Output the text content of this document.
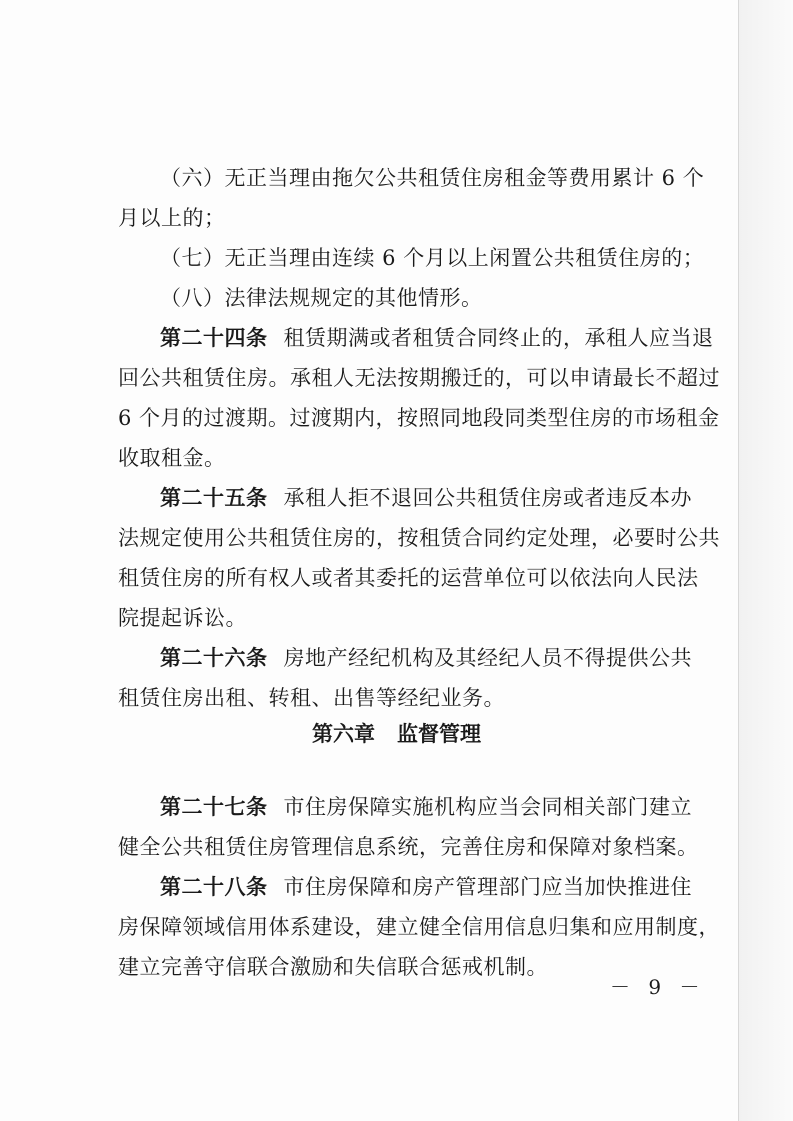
（六）无正当理由拖欠公共租赁住房租金等费用累计 6 个
月以上的；
（七）无正当理由连续 6 个月以上闲置公共租赁住房的；
（八）法律法规规定的其他情形。
第二十四条 租赁期满或者租赁合同终止的，承租人应当退
回公共租赁住房。承租人无法按期搬迁的，可以申请最长不超过
6 个月的过渡期。过渡期内，按照同地段同类型住房的市场租金
收取租金。
第二十五条 承租人拒不退回公共租赁住房或者违反本办
法规定使用公共租赁住房的，按租赁合同约定处理，必要时公共
租赁住房的所有权人或者其委托的运营单位可以依法向人民法
院提起诉讼。
第二十六条 房地产经纪机构及其经纪人员不得提供公共
租赁住房出租、转租、出售等经纪业务。
第六章 监督管理
第二十七条 市住房保障实施机构应当会同相关部门建立
健全公共租赁住房管理信息系统，完善住房和保障对象档案。
第二十八条 市住房保障和房产管理部门应当加快推进住
房保障领域信用体系建设，建立健全信用信息归集和应用制度，
建立完善守信联合激励和失信联合惩戒机制。
－ 9 －
